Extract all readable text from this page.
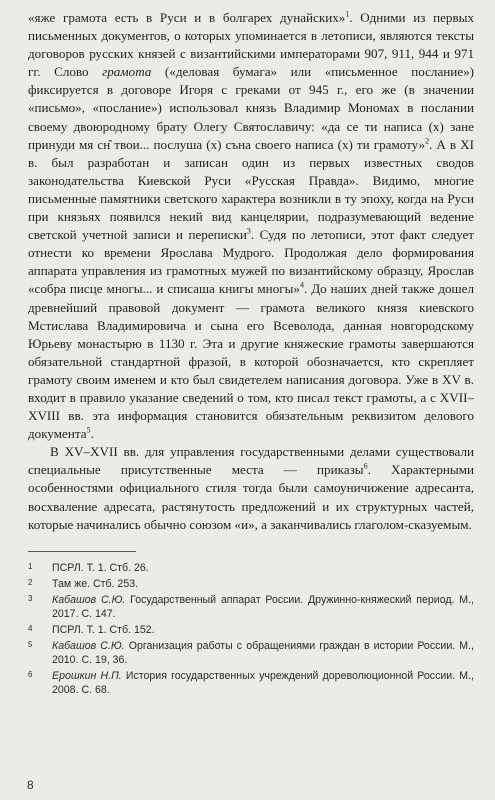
«яже грамота есть в Руси и в болгарех дунайских»$^1$. Одними из первых письменных документов, о которых упоминается в летописи, являются тексты договоров русских князей с византийскими императорами 907, 911, 944 и 971 гг. Слово грамота («деловая бумага» или «письменное послание») фиксируется в договоре Игоря с греками от 945 г., его же (в значении «письмо», «послание») использовал князь Владимир Мономах в послании своему двоюродному брату Олегу Святославичу: «да се ти написа (х) зане принуди мя сн̑ твои... послуша (х) съна своего написа (х) ти грамоту»$^2$. А в XI в. был разработан и записан один из первых известных сводов законодательства Киевской Руси «Русская Правда». Видимо, многие письменные памятники светского характера возникли в ту эпоху, когда на Руси при князьях появился некий вид канцелярии, подразумевающий ведение светской учетной записи и переписки$^3$. Судя по летописи, этот факт следует отнести ко времени Ярослава Мудрого. Продолжая дело формирования аппарата управления из грамотных мужей по византийскому образцу, Ярослав «собра писце многы... и списаша книгы многы»$^4$. До наших дней также дошел древнейший правовой документ — грамота великого князя киевского Мстислава Владимировича и сына его Всеволода, данная новгородскому Юрьеву монастырю в 1130 г. Эта и другие княжеские грамоты завершаются обязательной стандартной фразой, в которой обозначается, кто скрепляет грамоту своим именем и кто был свидетелем написания договора. Уже в XV в. входит в правило указание сведений о том, кто писал текст грамоты, а с XVII–XVIII вв. эта информация становится обязательным реквизитом делового документа$^5$.

В XV–XVII вв. для управления государственными делами существовали специальные присутственные места — приказы$^6$. Характерными особенностями официального стиля тогда были самоуничижение адресанта, восхваление адресата, растянутость предложений и их структурных частей, которые начинались обычно союзом «и», а заканчивались глаголом-сказуемым.

1 ПСРЛ. Т. 1. Стб. 26.
2 Там же. Стб. 253.
3 Кабашов С.Ю. Государственный аппарат России. Дружинно-княжеский период. М., 2017. С. 147.
4 ПСРЛ. Т. 1. Стб. 152.
5 Кабашов С.Ю. Организация работы с обращениями граждан в истории России. М., 2010. С. 19, 36.
6 Ерошкин Н.П. История государственных учреждений дореволюционной России. М., 2008. С. 68.
8
